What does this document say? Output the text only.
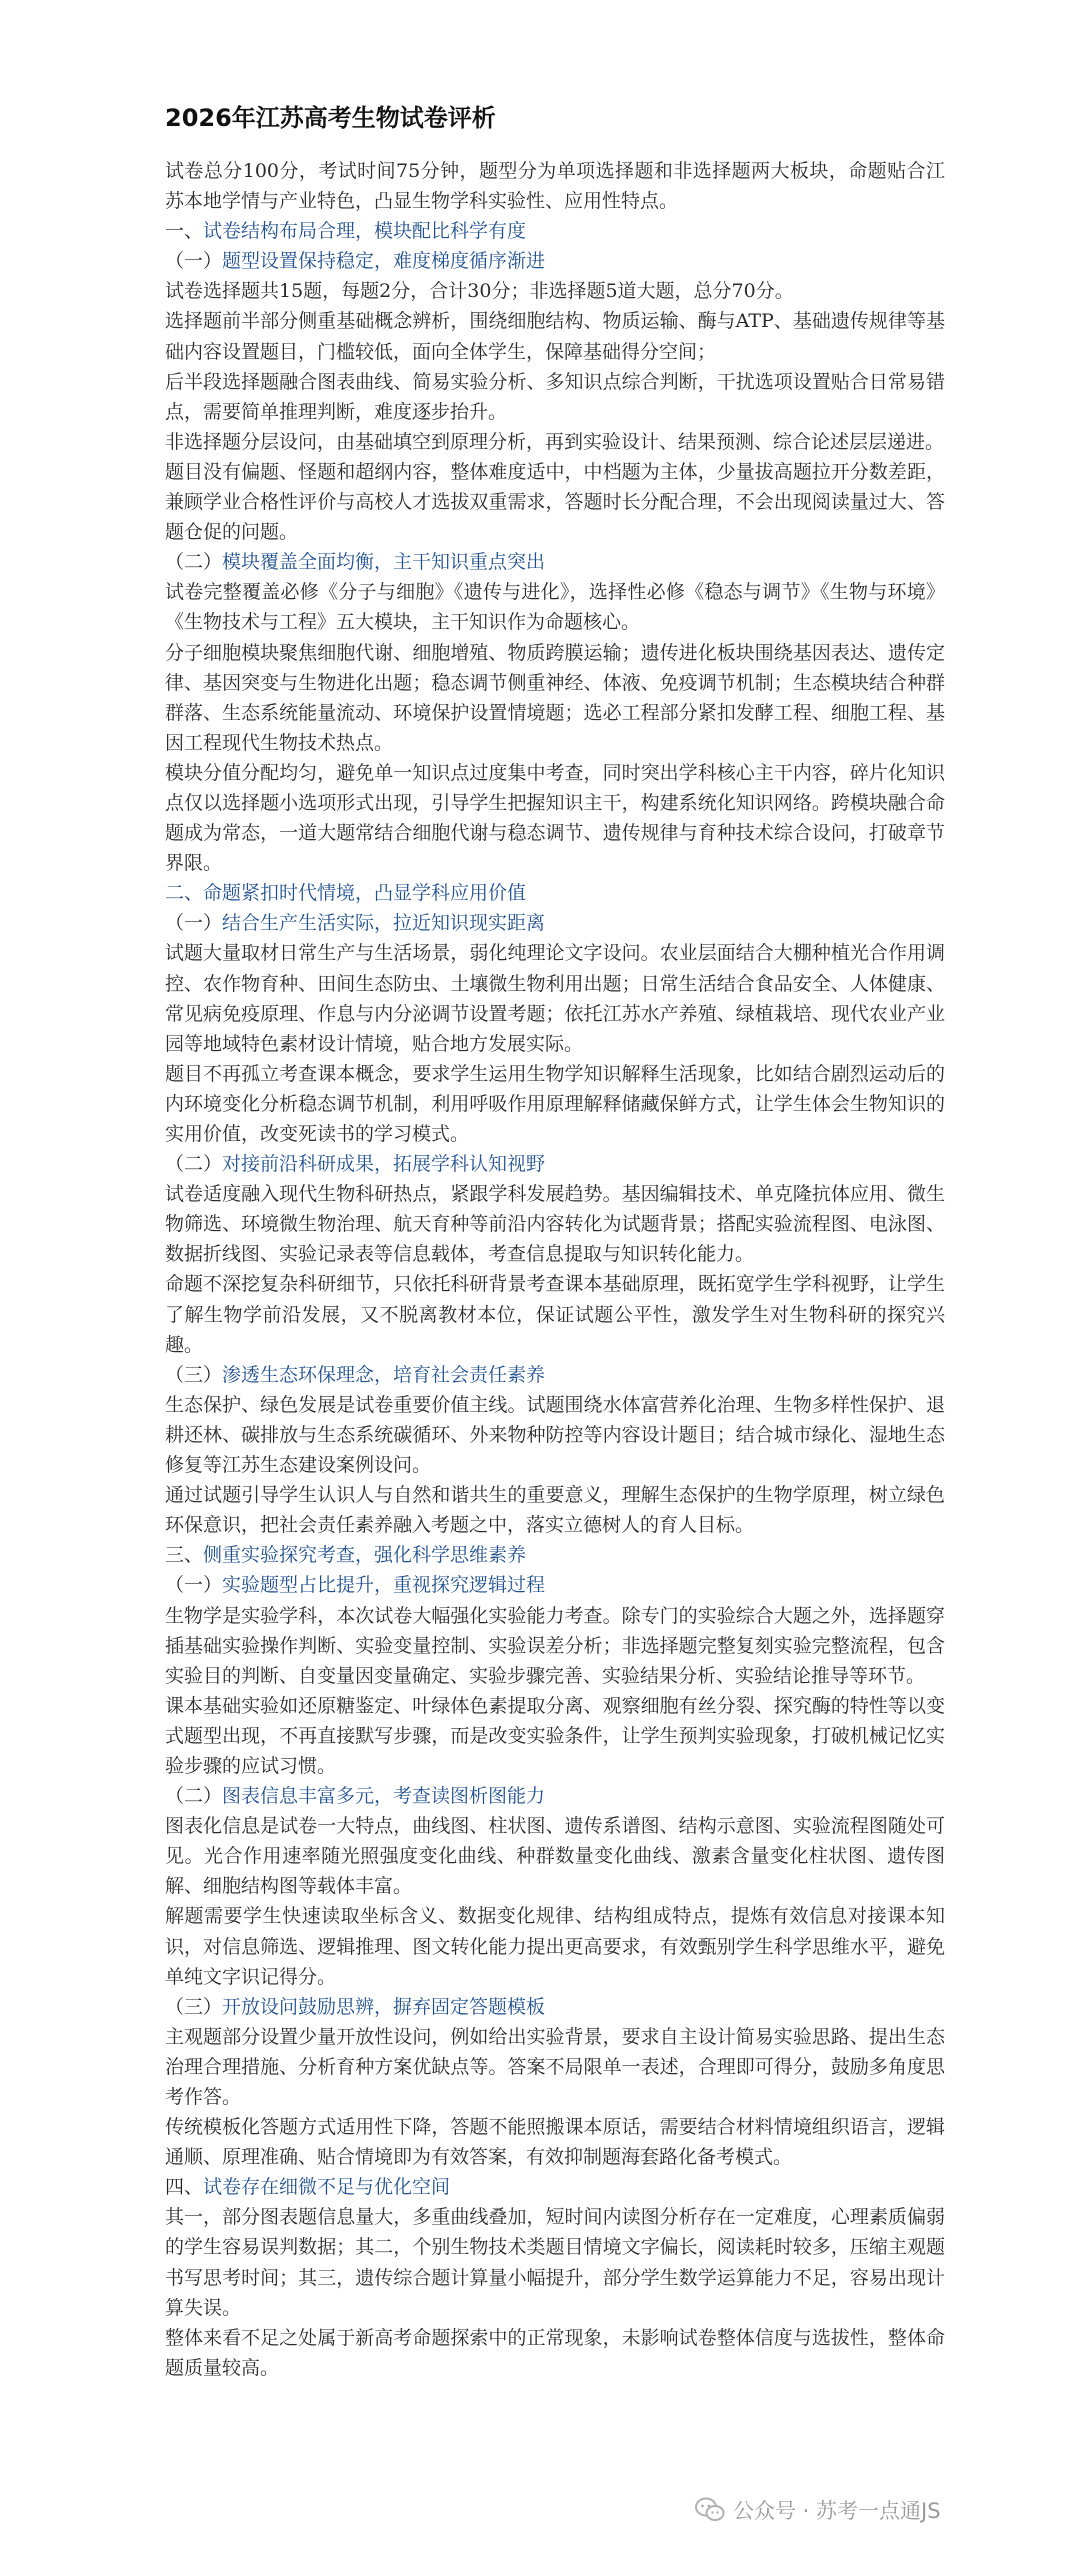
2026年江苏高考生物试卷评析

试卷总分100分，考试时间75分钟，题型分为单项选择题和非选择题两大板块，命题贴合江苏本地学情与产业特色，凸显生物学科实验性、应用性特点。

一、试卷结构布局合理，模块配比科学有度

（一）题型设置保持稳定，难度梯度循序渐进

试卷选择题共15题，每题2分，合计30分；非选择题5道大题，总分70分。

选择题前半部分侧重基础概念辨析，围绕细胞结构、物质运输、酶与ATP、基础遗传规律等基础内容设置题目，门槛较低，面向全体学生，保障基础得分空间；

后半段选择题融合图表曲线、简易实验分析、多知识点综合判断，干扰选项设置贴合日常易错点，需要简单推理判断，难度逐步抬升。

非选择题分层设问，由基础填空到原理分析，再到实验设计、结果预测、综合论述层层递进。

题目没有偏题、怪题和超纲内容，整体难度适中，中档题为主体，少量拔高题拉开分数差距，兼顾学业合格性评价与高校人才选拔双重需求，答题时长分配合理，不会出现阅读量过大、答题仓促的问题。

（二）模块覆盖全面均衡，主干知识重点突出

试卷完整覆盖必修《分子与细胞》《遗传与进化》，选择性必修《稳态与调节》《生物与环境》《生物技术与工程》五大模块，主干知识作为命题核心。

分子细胞模块聚焦细胞代谢、细胞增殖、物质跨膜运输；遗传进化板块围绕基因表达、遗传定律、基因突变与生物进化出题；稳态调节侧重神经、体液、免疫调节机制；生态模块结合种群群落、生态系统能量流动、环境保护设置情境题；选必工程部分紧扣发酵工程、细胞工程、基因工程现代生物技术热点。

模块分值分配均匀，避免单一知识点过度集中考查，同时突出学科核心主干内容，碎片化知识点仅以选择题小选项形式出现，引导学生把握知识主干，构建系统化知识网络。跨模块融合命题成为常态，一道大题常结合细胞代谢与稳态调节、遗传规律与育种技术综合设问，打破章节界限。

二、命题紧扣时代情境，凸显学科应用价值

（一）结合生产生活实际，拉近知识现实距离

试题大量取材日常生产与生活场景，弱化纯理论文字设问。农业层面结合大棚种植光合作用调控、农作物育种、田间生态防虫、土壤微生物利用出题；日常生活结合食品安全、人体健康、常见病免疫原理、作息与内分泌调节设置考题；依托江苏水产养殖、绿植栽培、现代农业产业园等地域特色素材设计情境，贴合地方发展实际。

题目不再孤立考查课本概念，要求学生运用生物学知识解释生活现象，比如结合剧烈运动后的内环境变化分析稳态调节机制，利用呼吸作用原理解释储藏保鲜方式，让学生体会生物知识的实用价值，改变死读书的学习模式。

（二）对接前沿科研成果，拓展学科认知视野

试卷适度融入现代生物科研热点，紧跟学科发展趋势。基因编辑技术、单克隆抗体应用、微生物筛选、环境微生物治理、航天育种等前沿内容转化为试题背景；搭配实验流程图、电泳图、数据折线图、实验记录表等信息载体，考查信息提取与知识转化能力。

命题不深挖复杂科研细节，只依托科研背景考查课本基础原理，既拓宽学生学科视野，让学生了解生物学前沿发展，又不脱离教材本位，保证试题公平性，激发学生对生物科研的探究兴趣。

（三）渗透生态环保理念，培育社会责任素养

生态保护、绿色发展是试卷重要价值主线。试题围绕水体富营养化治理、生物多样性保护、退耕还林、碳排放与生态系统碳循环、外来物种防控等内容设计题目；结合城市绿化、湿地生态修复等江苏生态建设案例设问。

通过试题引导学生认识人与自然和谐共生的重要意义，理解生态保护的生物学原理，树立绿色环保意识，把社会责任素养融入考题之中，落实立德树人的育人目标。

三、侧重实验探究考查，强化科学思维素养

（一）实验题型占比提升，重视探究逻辑过程

生物学是实验学科，本次试卷大幅强化实验能力考查。除专门的实验综合大题之外，选择题穿插基础实验操作判断、实验变量控制、实验误差分析；非选择题完整复刻实验完整流程，包含实验目的判断、自变量因变量确定、实验步骤完善、实验结果分析、实验结论推导等环节。

课本基础实验如还原糖鉴定、叶绿体色素提取分离、观察细胞有丝分裂、探究酶的特性等以变式题型出现，不再直接默写步骤，而是改变实验条件，让学生预判实验现象，打破机械记忆实验步骤的应试习惯。

（二）图表信息丰富多元，考查读图析图能力

图表化信息是试卷一大特点，曲线图、柱状图、遗传系谱图、结构示意图、实验流程图随处可见。光合作用速率随光照强度变化曲线、种群数量变化曲线、激素含量变化柱状图、遗传图解、细胞结构图等载体丰富。

解题需要学生快速读取坐标含义、数据变化规律、结构组成特点，提炼有效信息对接课本知识，对信息筛选、逻辑推理、图文转化能力提出更高要求，有效甄别学生科学思维水平，避免单纯文字识记得分。

（三）开放设问鼓励思辨，摒弃固定答题模板

主观题部分设置少量开放性设问，例如给出实验背景，要求自主设计简易实验思路、提出生态治理合理措施、分析育种方案优缺点等。答案不局限单一表述，合理即可得分，鼓励多角度思考作答。

传统模板化答题方式适用性下降，答题不能照搬课本原话，需要结合材料情境组织语言，逻辑通顺、原理准确、贴合情境即为有效答案，有效抑制题海套路化备考模式。

四、试卷存在细微不足与优化空间

其一，部分图表题信息量大，多重曲线叠加，短时间内读图分析存在一定难度，心理素质偏弱的学生容易误判数据；其二，个别生物技术类题目情境文字偏长，阅读耗时较多，压缩主观题书写思考时间；其三，遗传综合题计算量小幅提升，部分学生数学运算能力不足，容易出现计算失误。

整体来看不足之处属于新高考命题探索中的正常现象，未影响试卷整体信度与选拔性，整体命题质量较高。

公众号 · 苏考一点通JS
